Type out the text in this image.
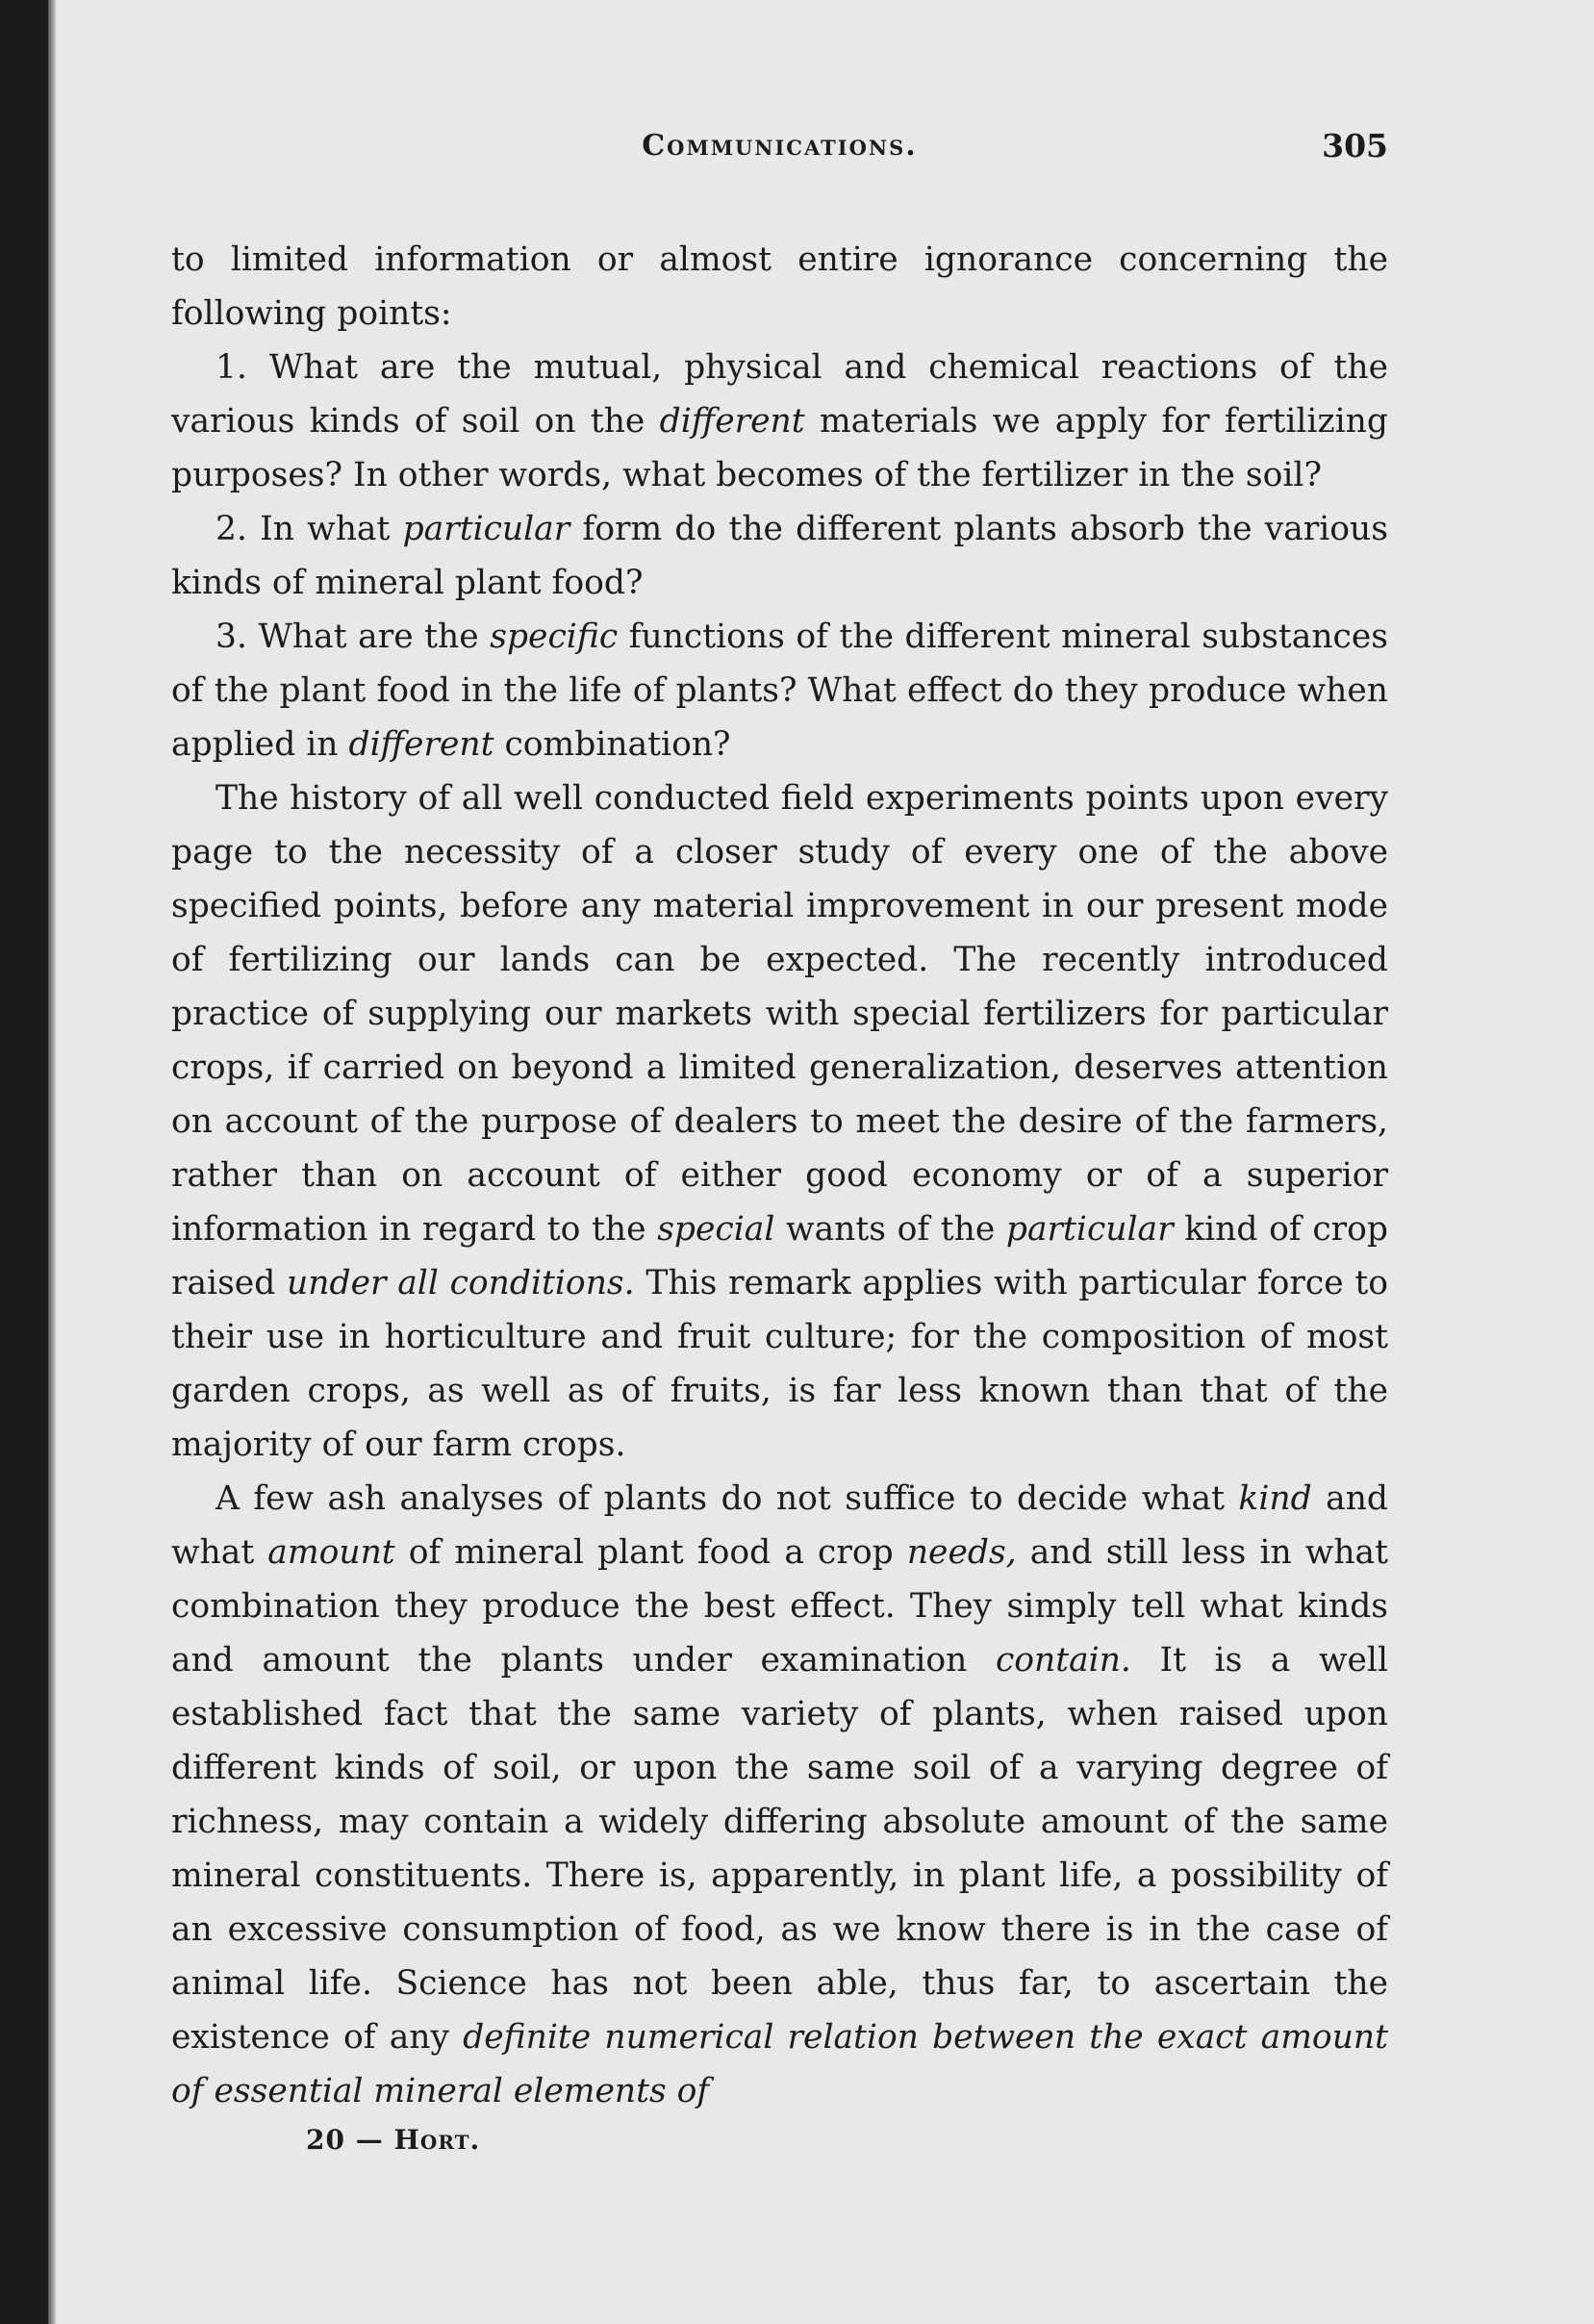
Communications.	305

to limited information or almost entire ignorance concerning the following points:

1. What are the mutual, physical and chemical reactions of the various kinds of soil on the different materials we apply for fertilizing purposes? In other words, what becomes of the fertilizer in the soil?

2. In what particular form do the different plants absorb the various kinds of mineral plant food?

3. What are the specific functions of the different mineral substances of the plant food in the life of plants? What effect do they produce when applied in different combination?

The history of all well conducted field experiments points upon every page to the necessity of a closer study of every one of the above specified points, before any material improvement in our present mode of fertilizing our lands can be expected. The recently introduced practice of supplying our markets with special fertilizers for particular crops, if carried on beyond a limited generalization, deserves attention on account of the purpose of dealers to meet the desire of the farmers, rather than on account of either good economy or of a superior information in regard to the special wants of the particular kind of crop raised under all conditions. This remark applies with particular force to their use in horticulture and fruit culture; for the composition of most garden crops, as well as of fruits, is far less known than that of the majority of our farm crops.

A few ash analyses of plants do not suffice to decide what kind and what amount of mineral plant food a crop needs, and still less in what combination they produce the best effect. They simply tell what kinds and amount the plants under examination contain. It is a well established fact that the same variety of plants, when raised upon different kinds of soil, or upon the same soil of a varying degree of richness, may contain a widely differing absolute amount of the same mineral constituents. There is, apparently, in plant life, a possibility of an excessive consumption of food, as we know there is in the case of animal life. Science has not been able, thus far, to ascertain the existence of any definite numerical relation between the exact amount of essential mineral elements of

20 — Hort.
